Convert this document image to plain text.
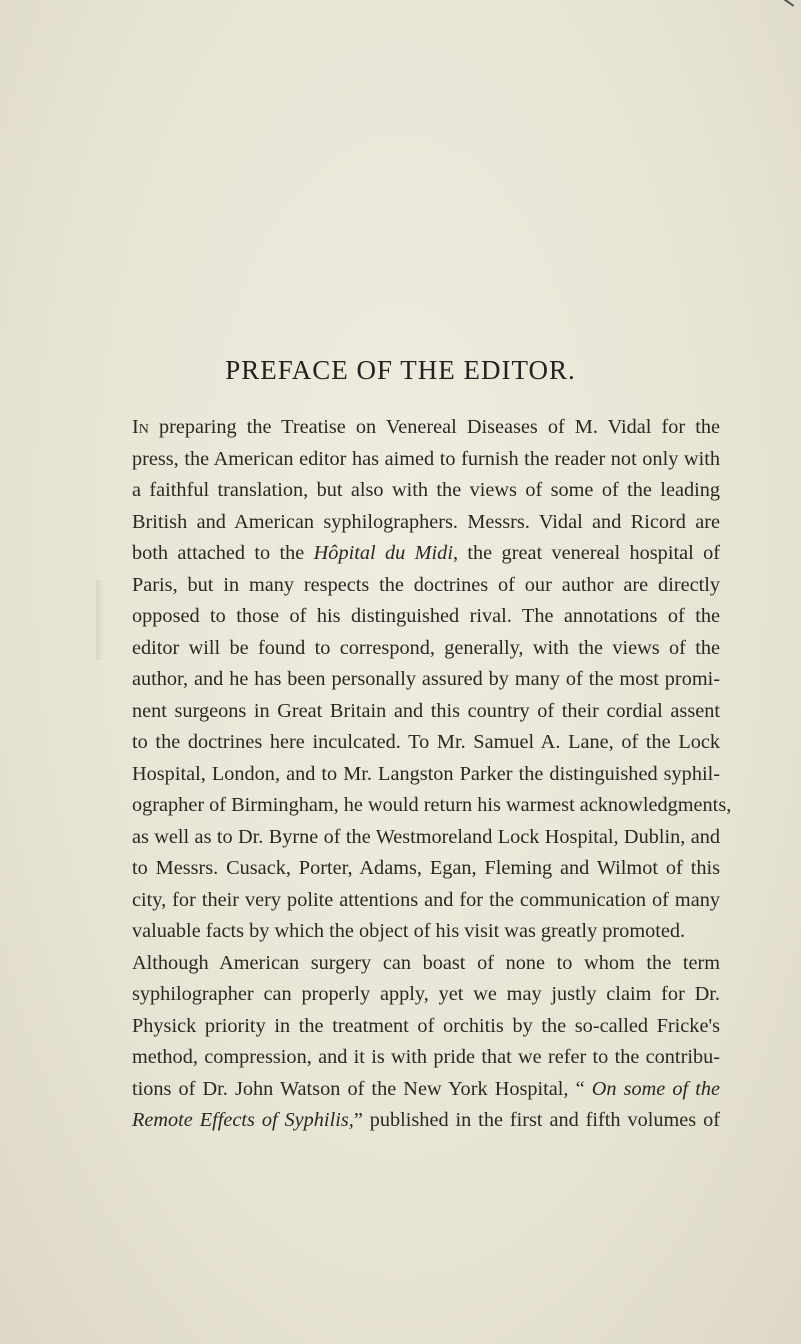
PREFACE OF THE EDITOR.

In preparing the Treatise on Venereal Diseases of M. Vidal for the
press, the American editor has aimed to furnish the reader not only with
a faithful translation, but also with the views of some of the leading
British and American syphilographers. Messrs. Vidal and Ricord are
both attached to the Hôpital du Midi, the great venereal hospital of
Paris, but in many respects the doctrines of our author are directly
opposed to those of his distinguished rival. The annotations of the
editor will be found to correspond, generally, with the views of the
author, and he has been personally assured by many of the most promi-
nent surgeons in Great Britain and this country of their cordial assent
to the doctrines here inculcated. To Mr. Samuel A. Lane, of the Lock
Hospital, London, and to Mr. Langston Parker the distinguished syphil-
ographer of Birmingham, he would return his warmest acknowledgments,
as well as to Dr. Byrne of the Westmoreland Lock Hospital, Dublin, and
to Messrs. Cusack, Porter, Adams, Egan, Fleming and Wilmot of this
city, for their very polite attentions and for the communication of many
valuable facts by which the object of his visit was greatly promoted.

Although American surgery can boast of none to whom the term
syphilographer can properly apply, yet we may justly claim for Dr.
Physick priority in the treatment of orchitis by the so-called Fricke's
method, compression, and it is with pride that we refer to the contribu-
tions of Dr. John Watson of the New York Hospital, “ On some of the
Remote Effects of Syphilis,” published in the first and fifth volumes of
